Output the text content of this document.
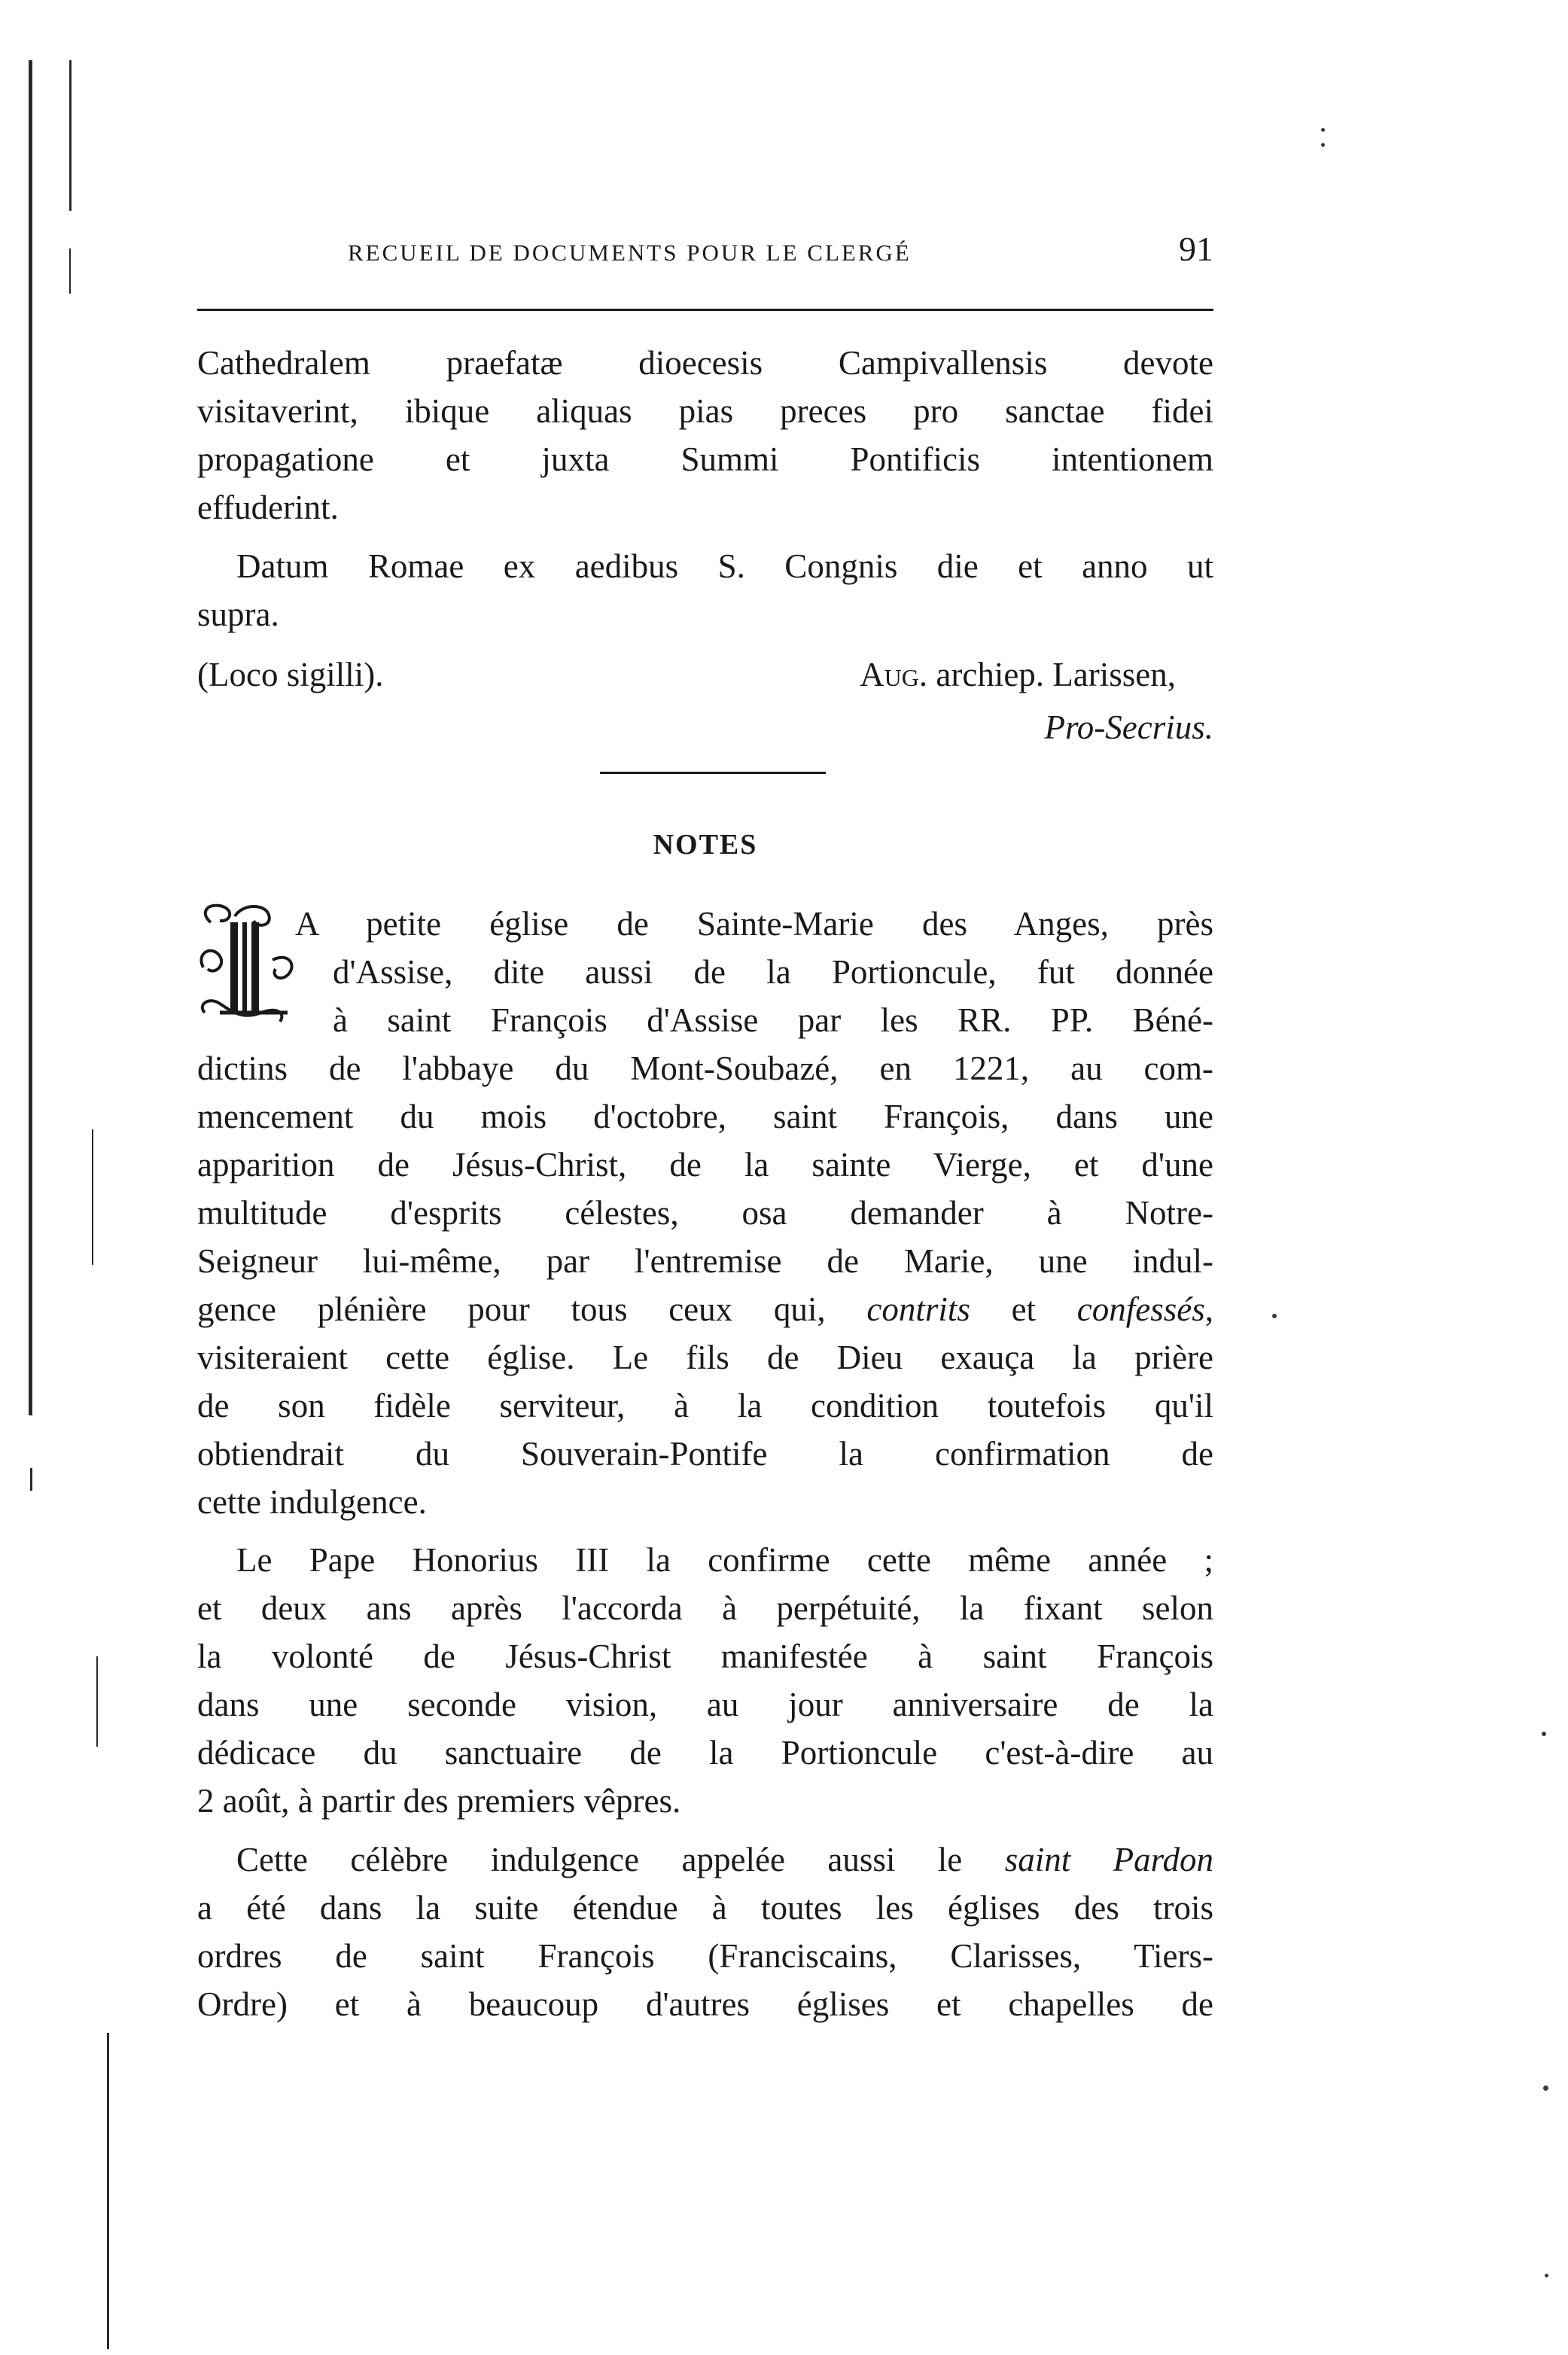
RECUEIL DE DOCUMENTS POUR LE CLERGÉ	91
Cathedralem praefatæ dioecesis Campivallensis devote
visitaverint, ibique aliquas pias preces pro sanctae fidei
propagatione et juxta Summi Pontificis intentionem
effuderint.
Datum Romae ex aedibus S. Congnis die et anno ut
supra.
(Loco sigilli).	Aug. archiep. Larissen,
Pro-Secrius.
NOTES
A petite église de Sainte-Marie des Anges, près
d'Assise, dite aussi de la Portioncule, fut donnée
à saint François d'Assise par les RR. PP. Béné-
dictins de l'abbaye du Mont-Soubazé, en 1221, au com-
mencement du mois d'octobre, saint François, dans une
apparition de Jésus-Christ, de la sainte Vierge, et d'une
multitude d'esprits célestes, osa demander à Notre-
Seigneur lui-même, par l'entremise de Marie, une indul-
gence plénière pour tous ceux qui, contrits et confessés,
visiteraient cette église. Le fils de Dieu exauça la prière
de son fidèle serviteur, à la condition toutefois qu'il
obtiendrait du Souverain-Pontife la confirmation de
cette indulgence.
Le Pape Honorius III la confirme cette même année ;
et deux ans après l'accorda à perpétuité, la fixant selon
la volonté de Jésus-Christ manifestée à saint François
dans une seconde vision, au jour anniversaire de la
dédicace du sanctuaire de la Portioncule c'est-à-dire au
2 août, à partir des premiers vêpres.
Cette célèbre indulgence appelée aussi le saint Pardon
a été dans la suite étendue à toutes les églises des trois
ordres de saint François (Franciscains, Clarisses, Tiers-
Ordre) et à beaucoup d'autres églises et chapelles de
